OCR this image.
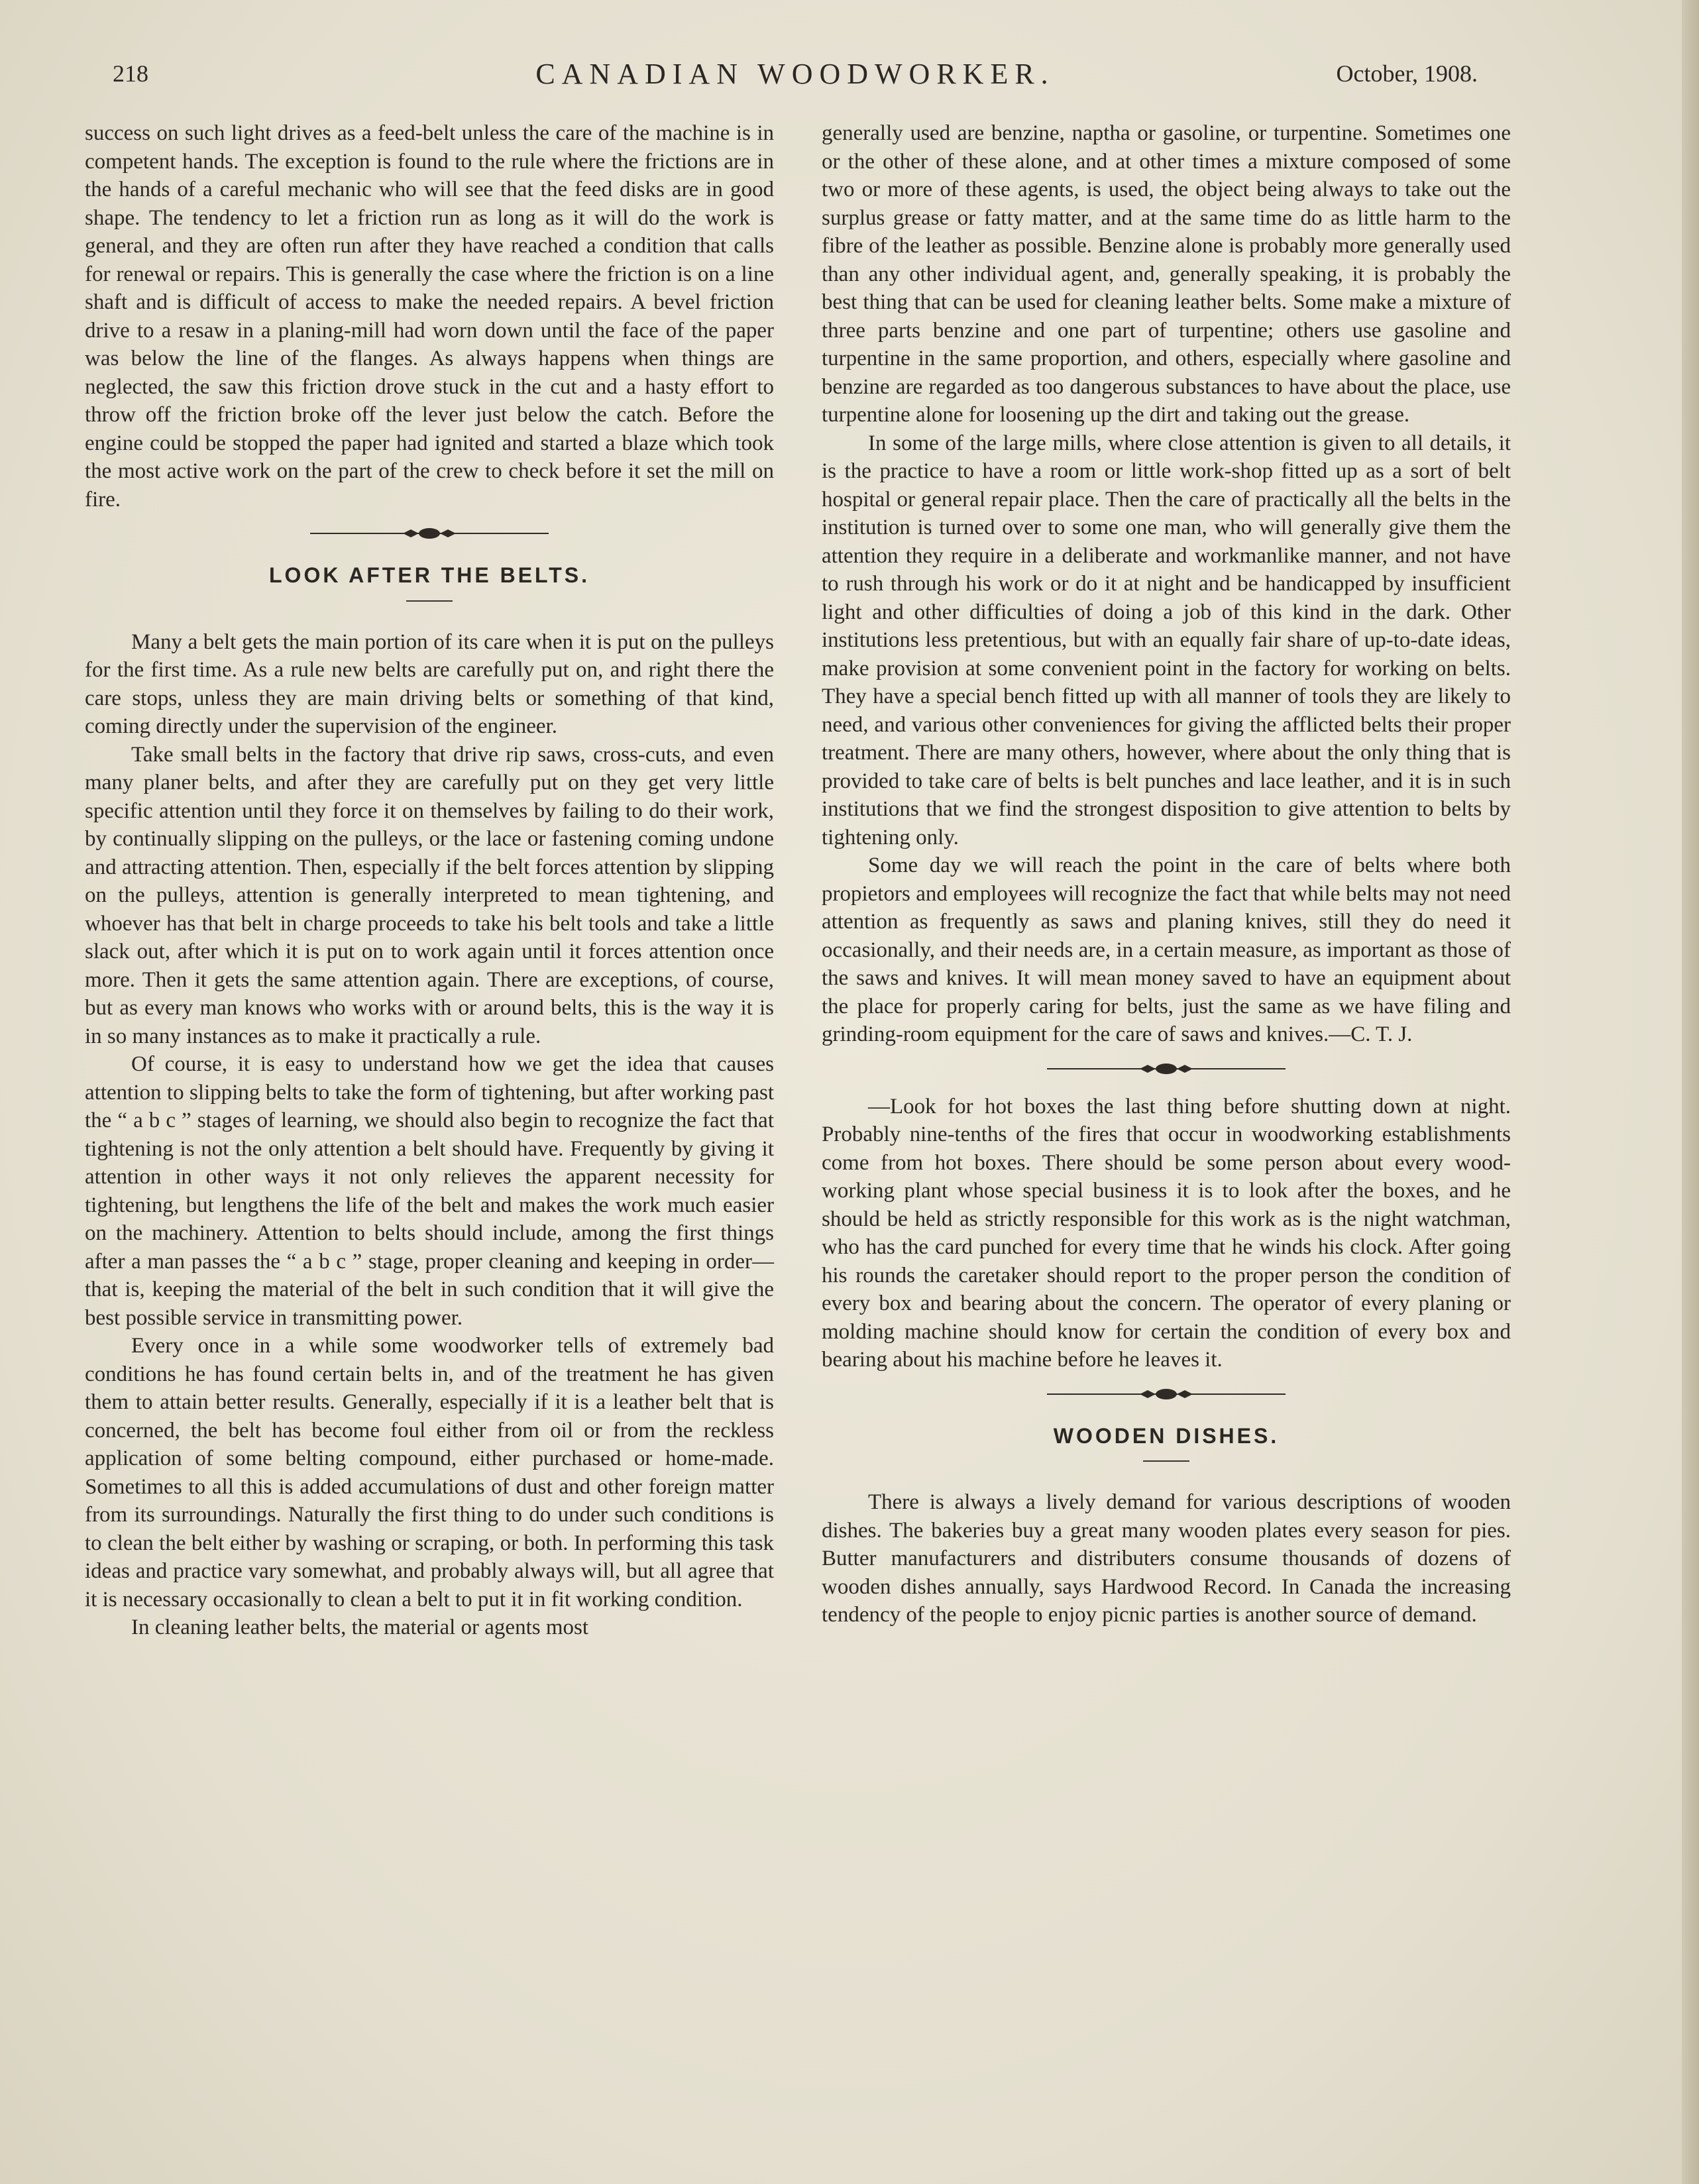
218	CANADIAN WOODWORKER.	October, 1908.

success on such light drives as a feed-belt unless the care of the machine is in competent hands. The exception is found to the rule where the frictions are in the hands of a careful mechanic who will see that the feed disks are in good shape. The tendency to let a friction run as long as it will do the work is general, and they are often run after they have reached a condition that calls for renewal or repairs. This is generally the case where the friction is on a line shaft and is difficult of access to make the needed repairs. A bevel friction drive to a resaw in a planing-mill had worn down until the face of the paper was below the line of the flanges. As always happens when things are neglected, the saw this friction drove stuck in the cut and a hasty effort to throw off the friction broke off the lever just below the catch. Before the engine could be stopped the paper had ignited and started a blaze which took the most active work on the part of the crew to check before it set the mill on fire.

LOOK AFTER THE BELTS.

Many a belt gets the main portion of its care when it is put on the pulleys for the first time. As a rule new belts are carefully put on, and right there the care stops, unless they are main driving belts or something of that kind, coming directly under the supervision of the engineer.

Take small belts in the factory that drive rip saws, cross-cuts, and even many planer belts, and after they are carefully put on they get very little specific attention until they force it on themselves by failing to do their work, by continually slipping on the pulleys, or the lace or fastening coming undone and attracting attention. Then, especially if the belt forces attention by slipping on the pulleys, attention is generally interpreted to mean tightening, and whoever has that belt in charge proceeds to take his belt tools and take a little slack out, after which it is put on to work again until it forces attention once more. Then it gets the same attention again. There are exceptions, of course, but as every man knows who works with or around belts, this is the way it is in so many instances as to make it practically a rule.

Of course, it is easy to understand how we get the idea that causes attention to slipping belts to take the form of tightening, but after working past the “ a b c ” stages of learning, we should also begin to recognize the fact that tightening is not the only attention a belt should have. Frequently by giving it attention in other ways it not only relieves the apparent necessity for tightening, but lengthens the life of the belt and makes the work much easier on the machinery. Attention to belts should include, among the first things after a man passes the “ a b c ” stage, proper cleaning and keeping in order—that is, keeping the material of the belt in such condition that it will give the best possible service in transmitting power.

Every once in a while some woodworker tells of extremely bad conditions he has found certain belts in, and of the treatment he has given them to attain better results. Generally, especially if it is a leather belt that is concerned, the belt has become foul either from oil or from the reckless application of some belting compound, either purchased or home-made. Sometimes to all this is added accumulations of dust and other foreign matter from its surroundings. Naturally the first thing to do under such conditions is to clean the belt either by washing or scraping, or both. In performing this task ideas and practice vary somewhat, and probably always will, but all agree that it is necessary occasionally to clean a belt to put it in fit working condition.

In cleaning leather belts, the material or agents most

generally used are benzine, naptha or gasoline, or turpentine. Sometimes one or the other of these alone, and at other times a mixture composed of some two or more of these agents, is used, the object being always to take out the surplus grease or fatty matter, and at the same time do as little harm to the fibre of the leather as possible. Benzine alone is probably more generally used than any other individual agent, and, generally speaking, it is probably the best thing that can be used for cleaning leather belts. Some make a mixture of three parts benzine and one part of turpentine; others use gasoline and turpentine in the same proportion, and others, especially where gasoline and benzine are regarded as too dangerous substances to have about the place, use turpentine alone for loosening up the dirt and taking out the grease.

In some of the large mills, where close attention is given to all details, it is the practice to have a room or little work-shop fitted up as a sort of belt hospital or general repair place. Then the care of practically all the belts in the institution is turned over to some one man, who will generally give them the attention they require in a deliberate and workmanlike manner, and not have to rush through his work or do it at night and be handicapped by insufficient light and other difficulties of doing a job of this kind in the dark. Other institutions less pretentious, but with an equally fair share of up-to-date ideas, make provision at some convenient point in the factory for working on belts. They have a special bench fitted up with all manner of tools they are likely to need, and various other conveniences for giving the afflicted belts their proper treatment. There are many others, however, where about the only thing that is provided to take care of belts is belt punches and lace leather, and it is in such institutions that we find the strongest disposition to give attention to belts by tightening only.

Some day we will reach the point in the care of belts where both propietors and employees will recognize the fact that while belts may not need attention as frequently as saws and planing knives, still they do need it occasionally, and their needs are, in a certain measure, as important as those of the saws and knives. It will mean money saved to have an equipment about the place for properly caring for belts, just the same as we have filing and grinding-room equipment for the care of saws and knives.—C. T. J.

—Look for hot boxes the last thing before shutting down at night. Probably nine-tenths of the fires that occur in woodworking establishments come from hot boxes. There should be some person about every wood-working plant whose special business it is to look after the boxes, and he should be held as strictly responsible for this work as is the night watchman, who has the card punched for every time that he winds his clock. After going his rounds the caretaker should report to the proper person the condition of every box and bearing about the concern. The operator of every planing or molding machine should know for certain the condition of every box and bearing about his machine before he leaves it.

WOODEN DISHES.

There is always a lively demand for various descriptions of wooden dishes. The bakeries buy a great many wooden plates every season for pies. Butter manufacturers and distributers consume thousands of dozens of wooden dishes annually, says Hardwood Record. In Canada the increasing tendency of the people to enjoy picnic parties is another source of demand.
